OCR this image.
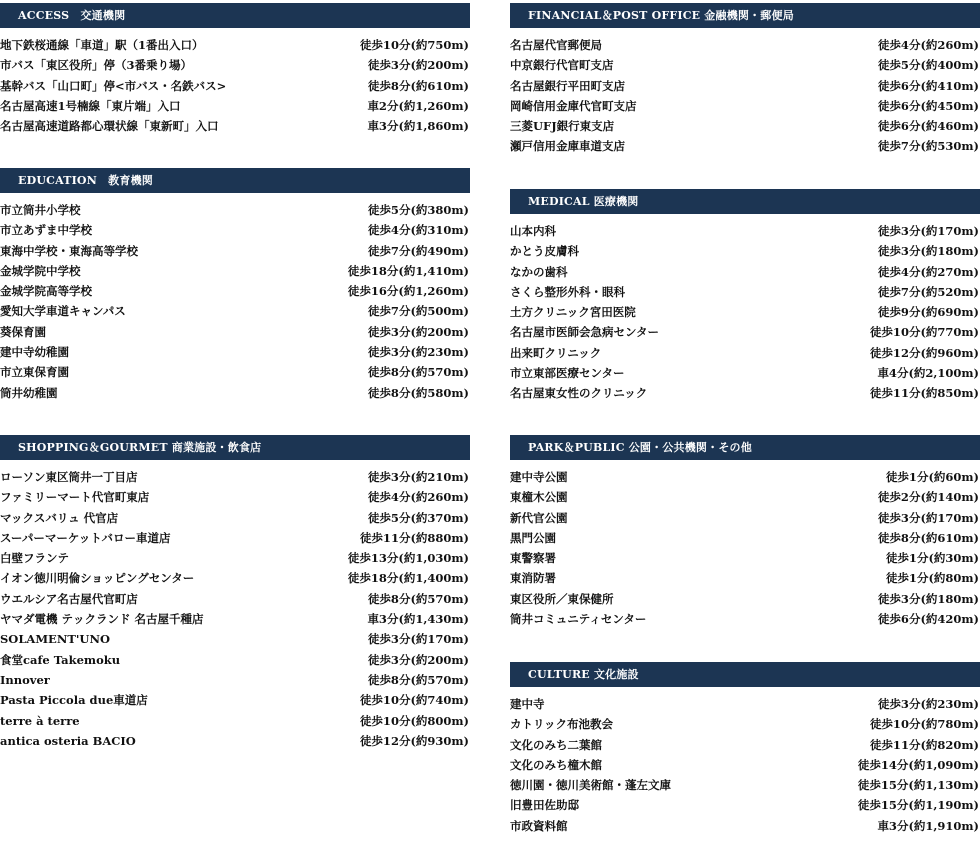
ACCESS　交通機関
地下鉄桜通線「車道」駅（1番出入口）	徒歩10分(約750m)
市バス「東区役所」停（3番乗り場）	徒歩3分(約200m)
基幹バス「山口町」停<市バス・名鉄バス>	徒歩8分(約610m)
名古屋高速1号楠線「東片端」入口	車2分(約1,260m)
名古屋高速道路都心環状線「東新町」入口	車3分(約1,860m)
EDUCATION　教育機関
市立筒井小学校	徒歩5分(約380m)
市立あずま中学校	徒歩4分(約310m)
東海中学校・東海高等学校	徒歩7分(約490m)
金城学院中学校	徒歩18分(約1,410m)
金城学院高等学校	徒歩16分(約1,260m)
愛知大学車道キャンパス	徒歩7分(約500m)
葵保育園	徒歩3分(約200m)
建中寺幼稚園	徒歩3分(約230m)
市立東保育園	徒歩8分(約570m)
筒井幼稚園	徒歩8分(約580m)
SHOPPING＆GOURMET 商業施設・飲食店
ローソン東区筒井一丁目店	徒歩3分(約210m)
ファミリーマート代官町東店	徒歩4分(約260m)
マックスバリュ 代官店	徒歩5分(約370m)
スーパーマーケットバロー車道店	徒歩11分(約880m)
白壁フランテ	徒歩13分(約1,030m)
イオン徳川明倫ショッピングセンター	徒歩18分(約1,400m)
ウエルシア名古屋代官町店	徒歩8分(約570m)
ヤマダ電機 テックランド 名古屋千種店	車3分(約1,430m)
SOLAMENT'UNO	徒歩3分(約170m)
食堂cafe Takemoku	徒歩3分(約200m)
Innover	徒歩8分(約570m)
Pasta Piccola due車道店	徒歩10分(約740m)
terre à terre	徒歩10分(約800m)
antica osteria BACIO	徒歩12分(約930m)
FINANCIAL＆POST OFFICE 金融機関・郵便局
名古屋代官郵便局	徒歩4分(約260m)
中京銀行代官町支店	徒歩5分(約400m)
名古屋銀行平田町支店	徒歩6分(約410m)
岡崎信用金庫代官町支店	徒歩6分(約450m)
三菱UFJ銀行東支店	徒歩6分(約460m)
瀬戸信用金庫車道支店	徒歩7分(約530m)
MEDICAL 医療機関
山本内科	徒歩3分(約170m)
かとう皮膚科	徒歩3分(約180m)
なかの歯科	徒歩4分(約270m)
さくら整形外科・眼科	徒歩7分(約520m)
土方クリニック宮田医院	徒歩9分(約690m)
名古屋市医師会急病センター	徒歩10分(約770m)
出来町クリニック	徒歩12分(約960m)
市立東部医療センター	車4分(約2,100m)
名古屋東女性のクリニック	徒歩11分(約850m)
PARK＆PUBLIC 公園・公共機関・その他
建中寺公園	徒歩1分(約60m)
東橦木公園	徒歩2分(約140m)
新代官公園	徒歩3分(約170m)
黒門公園	徒歩8分(約610m)
東警察署	徒歩1分(約30m)
東消防署	徒歩1分(約80m)
東区役所／東保健所	徒歩3分(約180m)
筒井コミュニティセンター	徒歩6分(約420m)
CULTURE 文化施設
建中寺	徒歩3分(約230m)
カトリック布池教会	徒歩10分(約780m)
文化のみち二葉館	徒歩11分(約820m)
文化のみち橦木館	徒歩14分(約1,090m)
徳川園・徳川美術館・蓬左文庫	徒歩15分(約1,130m)
旧豊田佐助邸	徒歩15分(約1,190m)
市政資料館	車3分(約1,910m)
